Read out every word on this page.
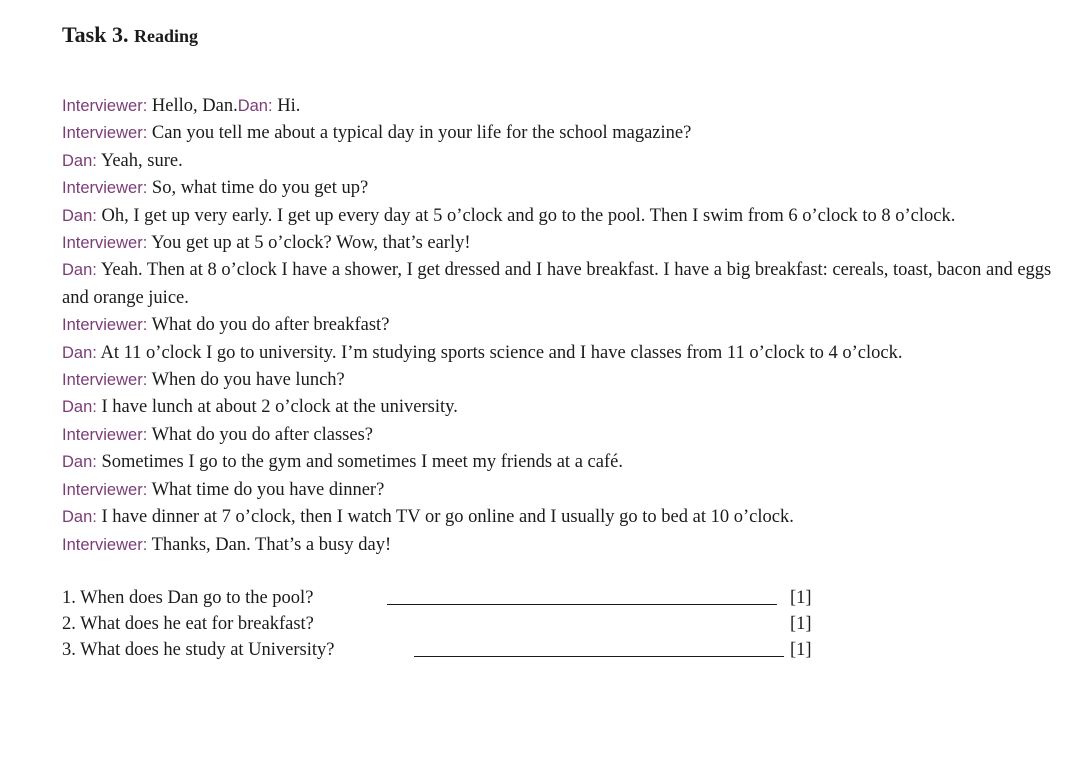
Task 3. Reading

Interviewer: Hello, Dan.Dan: Hi.

Interviewer: Can you tell me about a typical day in your life for the school magazine?

Dan: Yeah, sure.

Interviewer: So, what time do you get up?

Dan: Oh, I get up very early. I get up every day at 5 o’clock and go to the pool. Then I swim from 6 o’clock to 8 o’clock.

Interviewer: You get up at 5 o’clock? Wow, that’s early!

Dan: Yeah. Then at 8 o’clock I have a shower, I get dressed and I have breakfast. I have a big breakfast: cereals, toast, bacon and eggs and orange juice.

Interviewer: What do you do after breakfast?

Dan: At 11 o’clock I go to university. I’m studying sports science and I have classes from 11 o’clock to 4 o’clock.

Interviewer: When do you have lunch?

Dan: I have lunch at about 2 o’clock at the university.

Interviewer: What do you do after classes?

Dan: Sometimes I go to the gym and sometimes I meet my friends at a café.

Interviewer: What time do you have dinner?

Dan: I have dinner at 7 o’clock, then I watch TV or go online and I usually go to bed at 10 o’clock.

Interviewer: Thanks, Dan. That’s a busy day!

1. When does Dan go to the pool?	[1]
2. What does he eat for breakfast?	[1]
3. What does he study at University?	[1]
